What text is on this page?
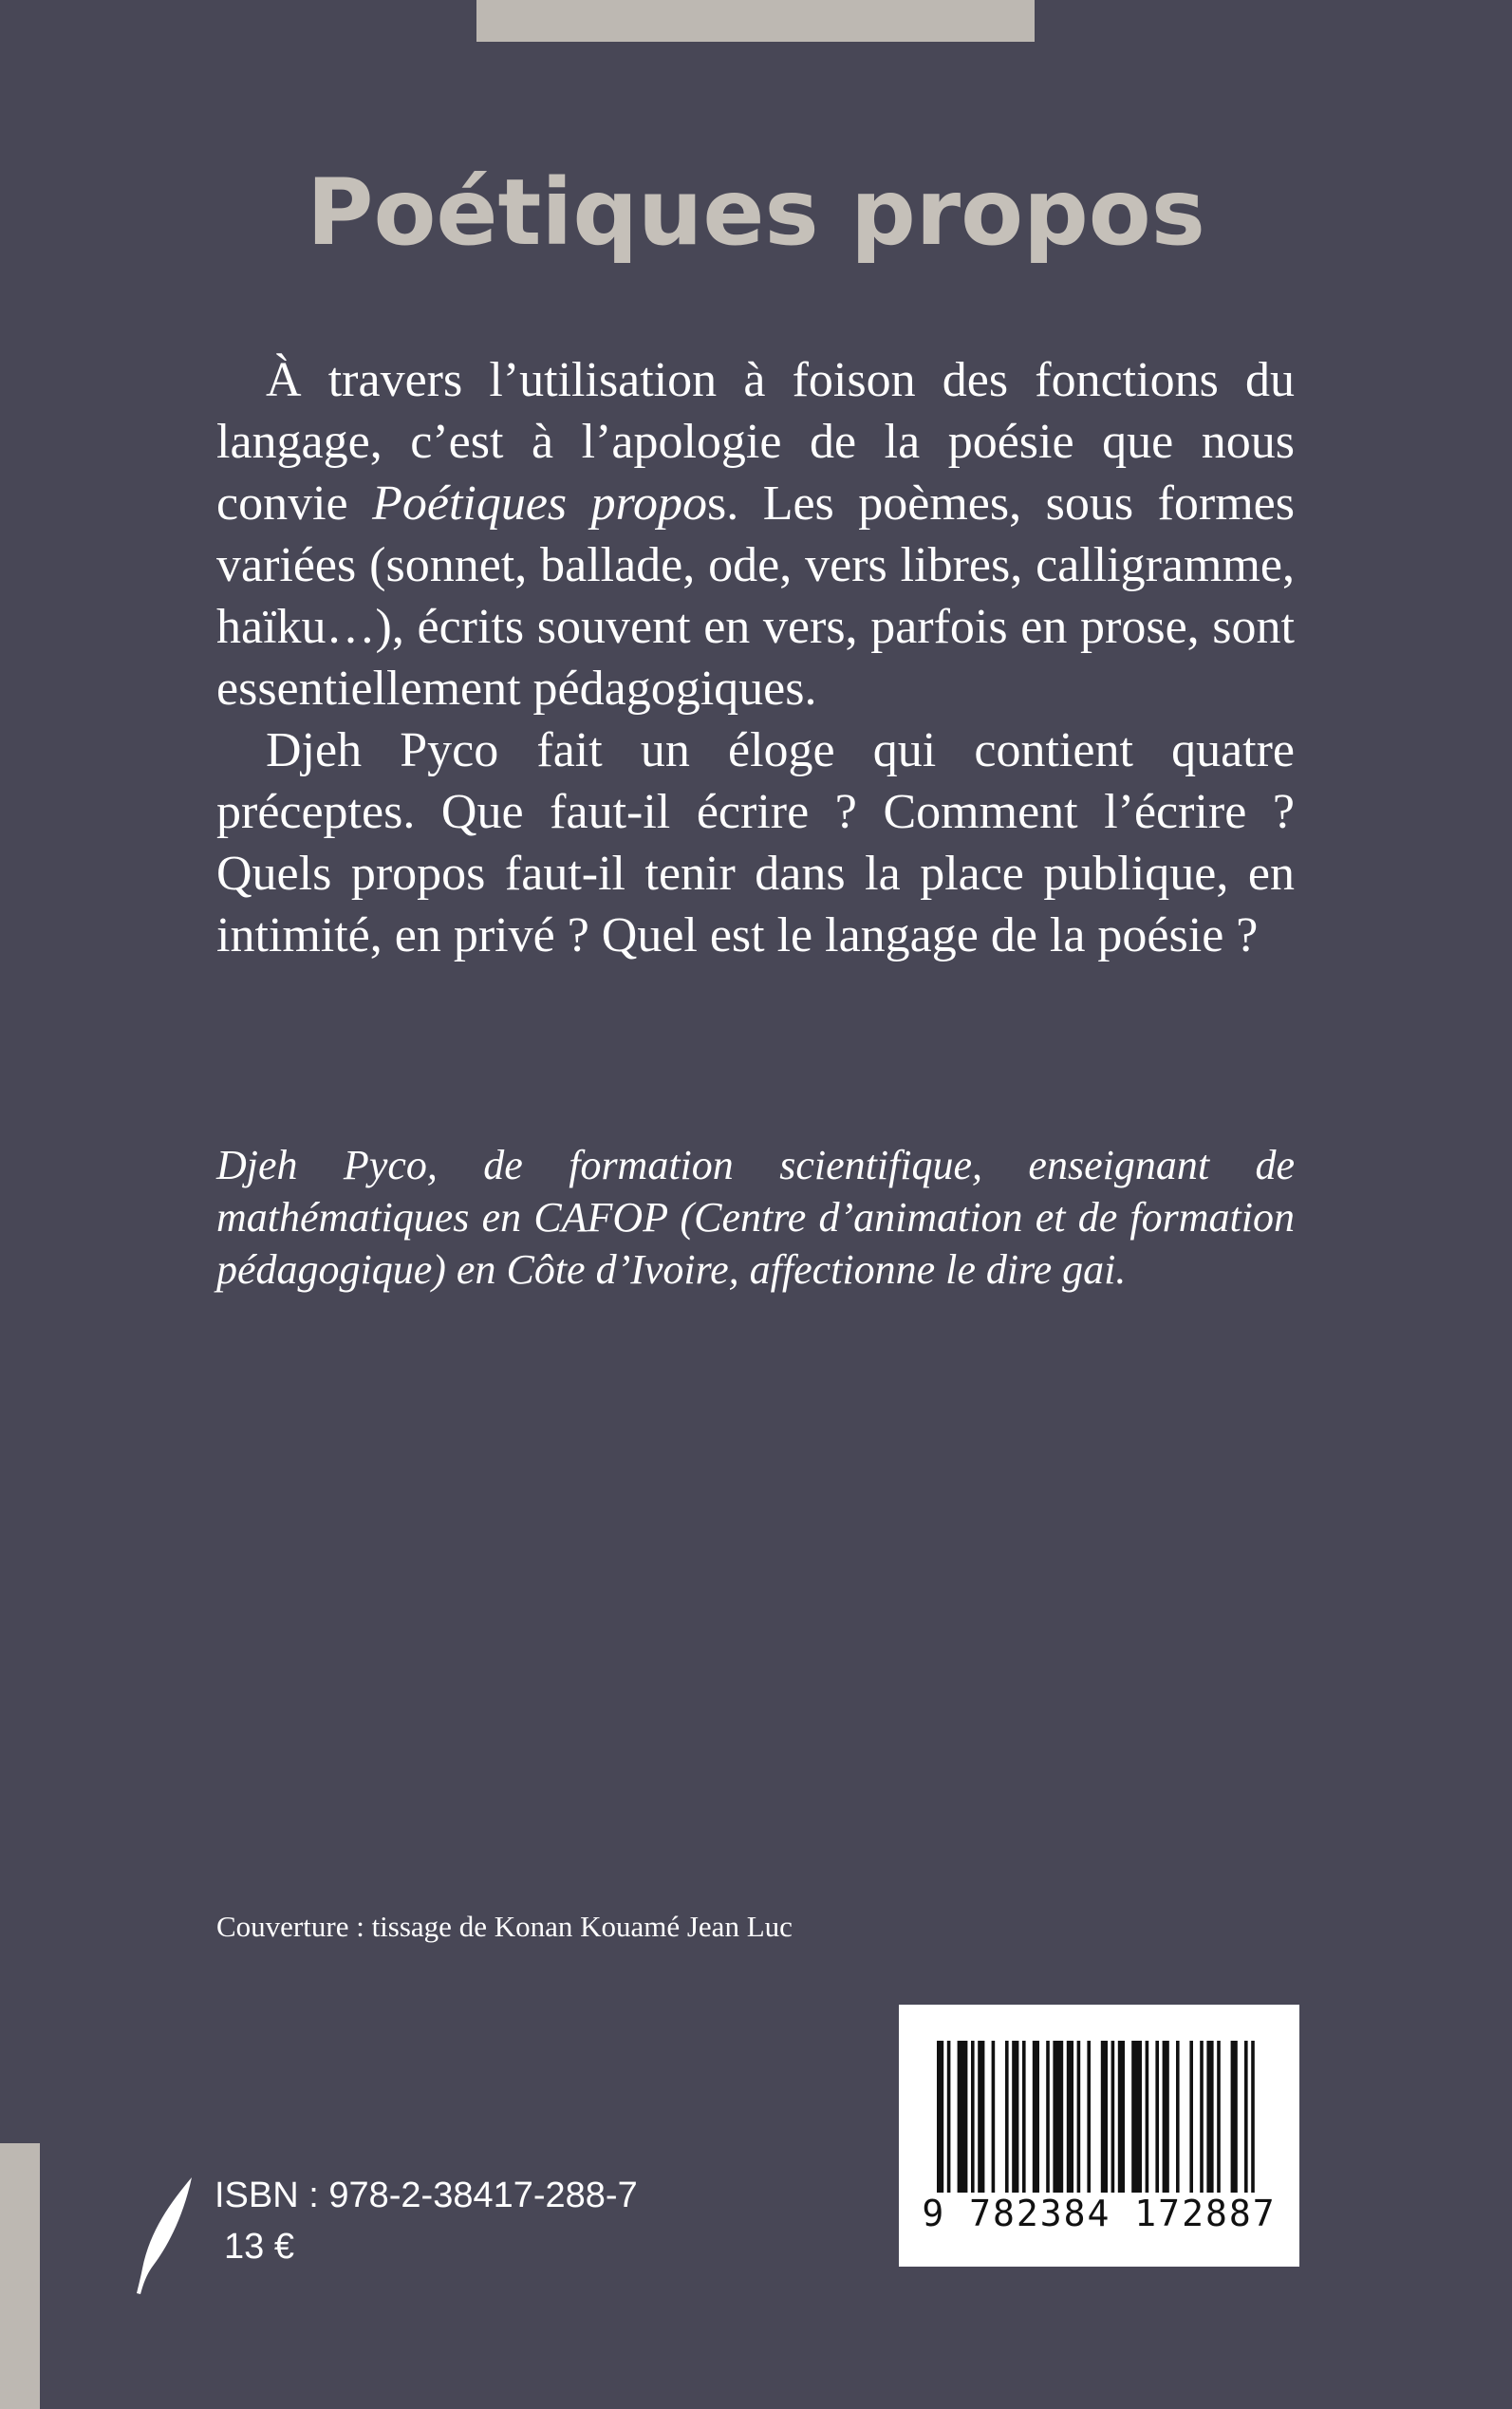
Poétiques propos

À travers l’utilisation à foison des fonctions du langage, c’est à l’apologie de la poésie que nous convie Poétiques propos. Les poèmes, sous formes variées (sonnet, ballade, ode, vers libres, calligramme, haïku…), écrits souvent en vers, parfois en prose, sont essentiellement pédagogiques.

Djeh Pyco fait un éloge qui contient quatre préceptes. Que faut-il écrire ? Comment l’écrire ? Quels propos faut-il tenir dans la place publique, en intimité, en privé ? Quel est le langage de la poésie ?

Djeh Pyco, de formation scientifique, enseignant de mathématiques en CAFOP (Centre d’animation et de formation pédagogique) en Côte d’Ivoire, affectionne le dire gai.
Couverture : tissage de Konan Kouamé Jean Luc
ISBN : 978-2-38417-288-7
13 €
9 782384 172887
